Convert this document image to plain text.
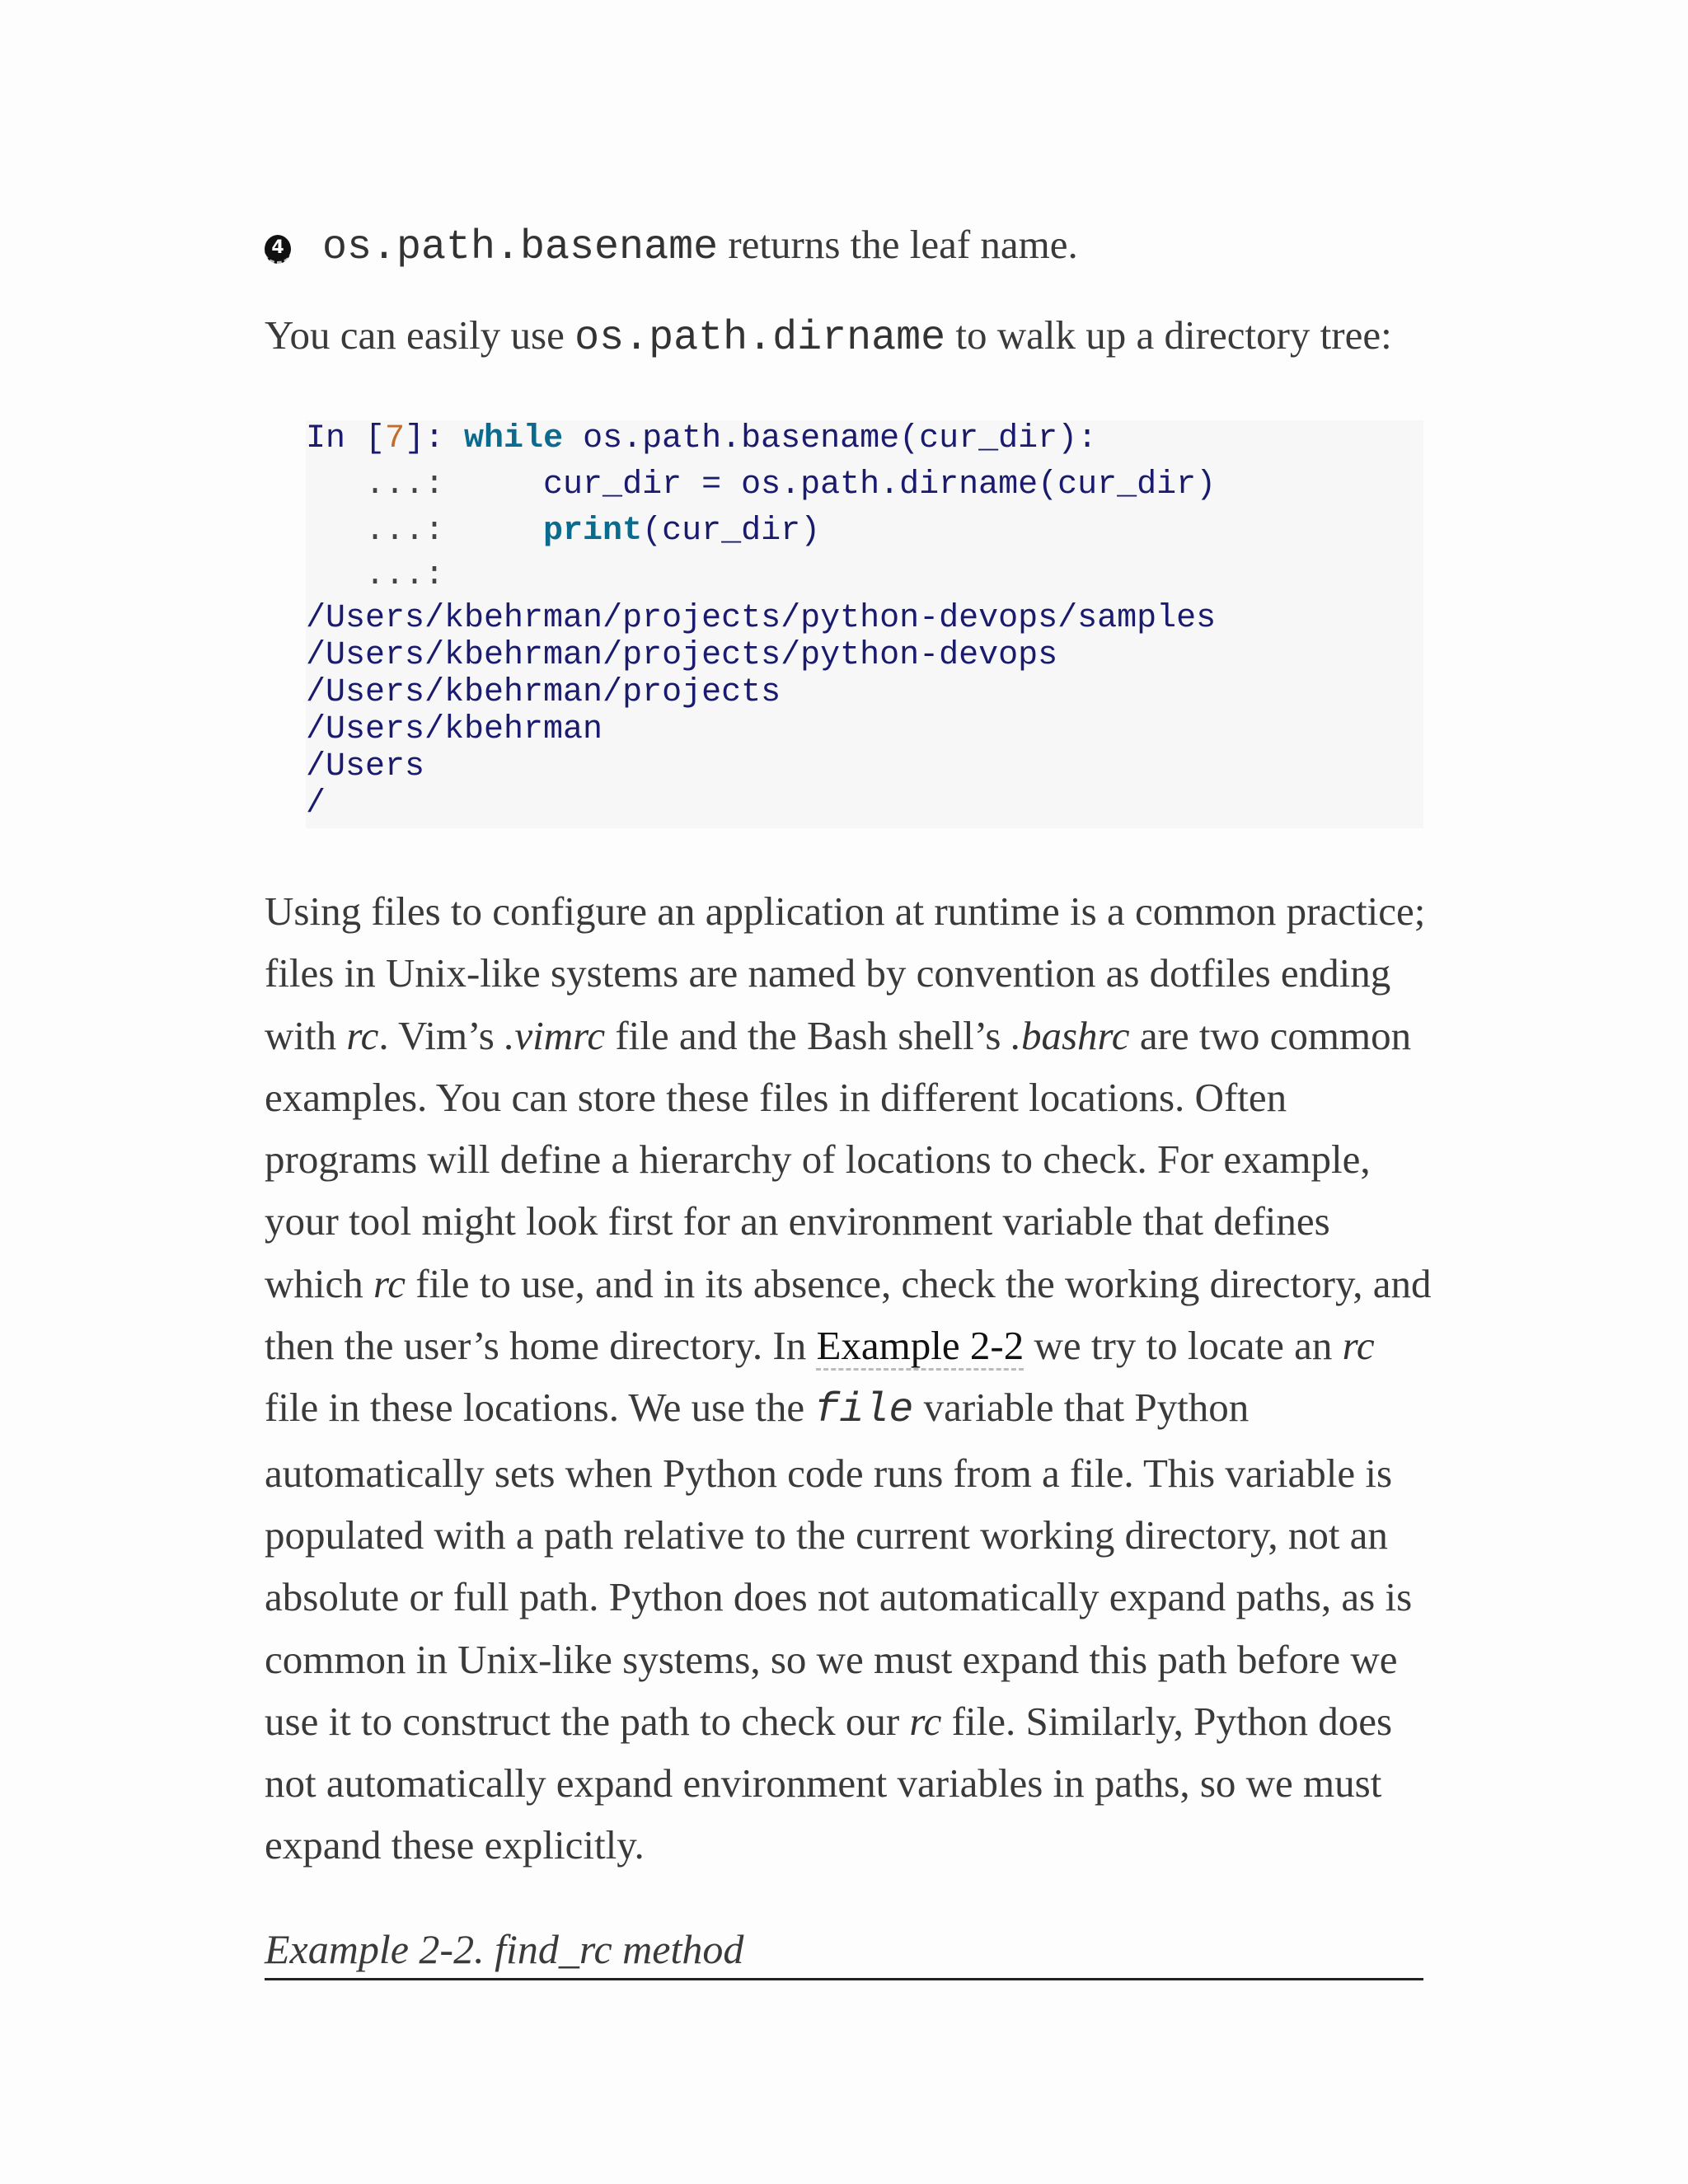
4 os.path.basename returns the leaf name.
You can easily use os.path.dirname to walk up a directory tree:
In [7]: while os.path.basename(cur_dir):
...:     cur_dir = os.path.dirname(cur_dir)
...:     print(cur_dir)
...:
/Users/kbehrman/projects/python-devops/samples
/Users/kbehrman/projects/python-devops
/Users/kbehrman/projects
/Users/kbehrman
/Users
/
Using files to configure an application at runtime is a common practice; files in Unix-like systems are named by convention as dotfiles ending with rc. Vim’s .vimrc file and the Bash shell’s .bashrc are two common examples. You can store these files in different locations. Often programs will define a hierarchy of locations to check. For example, your tool might look first for an environment variable that defines which rc file to use, and in its absence, check the working directory, and then the user’s home directory. In Example 2-2 we try to locate an rc file in these locations. We use the file variable that Python automatically sets when Python code runs from a file. This variable is populated with a path relative to the current working directory, not an absolute or full path. Python does not automatically expand paths, as is common in Unix-like systems, so we must expand this path before we use it to construct the path to check our rc file. Similarly, Python does not automatically expand environment variables in paths, so we must expand these explicitly.
Example 2-2. find_rc method
